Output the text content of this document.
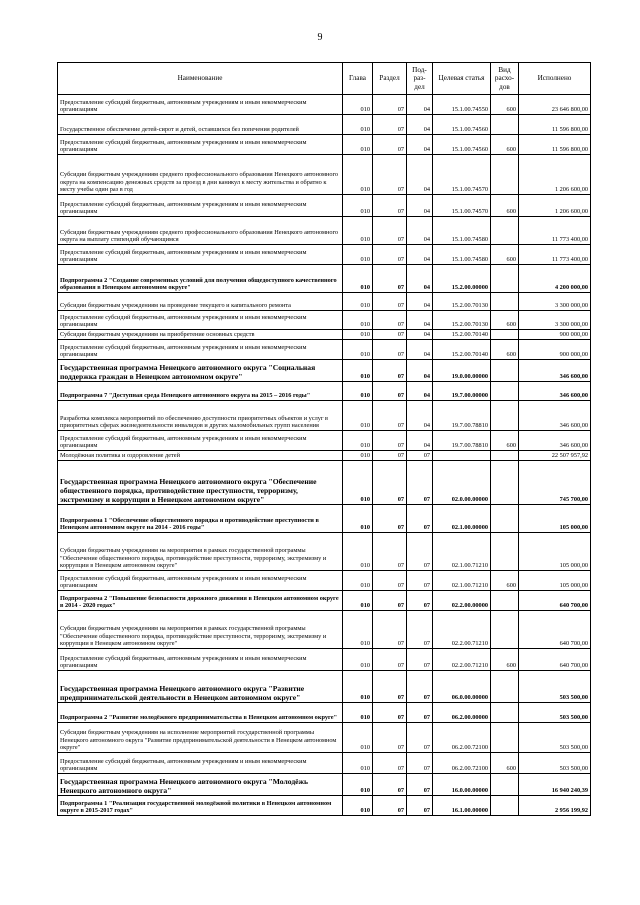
9
Наименование	Глава	Раздел	Под-раз-дел	Целевая статья	Вид расхо-дов	Исполнено
Предоставление субсидий бюджетным, автономным учреждениям и иным некоммерческим организациям	010	07	04	15.1.00.74550	600	23 646 800,00
Государственное обеспечение детей-сирот и детей, оставшихся без попечения родителей	010	07	04	15.1.00.74560		11 596 800,00
Предоставление субсидий бюджетным, автономным учреждениям и иным некоммерческим организациям	010	07	04	15.1.00.74560	600	11 596 800,00
Субсидии бюджетным учреждениям среднего профессионального образования Ненецкого автономного округа на компенсацию денежных средств за проезд в дни каникул к месту жительства и обратно к месту учебы один раз в год	010	07	04	15.1.00.74570		1 206 600,00
Предоставление субсидий бюджетным, автономным учреждениям и иным некоммерческим организациям	010	07	04	15.1.00.74570	600	1 206 600,00
Субсидии бюджетным учреждениям среднего профессионального образования Ненецкого автономного округа на выплату стипендий обучающимся	010	07	04	15.1.00.74580		11 773 400,00
Предоставление субсидий бюджетным, автономным учреждениям и иным некоммерческим организациям	010	07	04	15.1.00.74580	600	11 773 400,00
Подпрограмма 2 "Создание современных условий для получения общедоступного качественного образования в Ненецком автономном округе"	010	07	04	15.2.00.00000		4 200 000,00
Субсидии бюджетным учреждениям на проведение текущего и капитального ремонта	010	07	04	15.2.00.70130		3 300 000,00
Предоставление субсидий бюджетным, автономным учреждениям и иным некоммерческим организациям	010	07	04	15.2.00.70130	600	3 300 000,00
Субсидии бюджетным учреждениям на приобретение основных средств	010	07	04	15.2.00.70140		900 000,00
Предоставление субсидий бюджетным, автономным учреждениям и иным некоммерческим организациям	010	07	04	15.2.00.70140	600	900 000,00
Государственная программа Ненецкого автономного округа "Социальная поддержка граждан в Ненецком автономном округе"	010	07	04	19.0.00.00000		346 600,00
Подпрограмма 7 "Доступная среда Ненецкого автономного округа на 2015 – 2016 годы"	010	07	04	19.7.00.00000		346 600,00
Разработка комплекса мероприятий по обеспечению доступности приоритетных объектов и услуг в приоритетных сферах жизнедеятельности инвалидов и других маломобильных групп населения	010	07	04	19.7.00.78810		346 600,00
Предоставление субсидий бюджетным, автономным учреждениям и иным некоммерческим организациям	010	07	04	19.7.00.78810	600	346 600,00
Молодёжная политика и оздоровление детей	010	07	07			22 507 957,92
Государственная программа Ненецкого автономного округа "Обеспечение общественного порядка, противодействие преступности, терроризму, экстремизму и коррупции в Ненецком автономном округе"	010	07	07	02.0.00.00000		745 700,00
Подпрограмма 1 "Обеспечение общественного порядка и противодействие преступности в Ненецком автономном округе на 2014 - 2016 годы"	010	07	07	02.1.00.00000		105 000,00
Субсидии бюджетным учреждениям на мероприятия в рамках государственной программы "Обеспечение общественного порядка, противодействие преступности, терроризму, экстремизму и коррупции в Ненецком автономном округе"	010	07	07	02.1.00.71210		105 000,00
Предоставление субсидий бюджетным, автономным учреждениям и иным некоммерческим организациям	010	07	07	02.1.00.71210	600	105 000,00
Подпрограмма 2 "Повышение безопасности дорожного движения в Ненецком автономном округе в 2014 - 2020 годах"	010	07	07	02.2.00.00000		640 700,00
Субсидии бюджетным учреждениям на мероприятия в рамках государственной программы "Обеспечение общественного порядка, противодействие преступности, терроризму, экстремизму и коррупции в Ненецком автономном округе"	010	07	07	02.2.00.71210		640 700,00
Предоставление субсидий бюджетным, автономным учреждениям и иным некоммерческим организациям	010	07	07	02.2.00.71210	600	640 700,00
Государственная программа Ненецкого автономного округа "Развитие предпринимательской деятельности в Ненецком автономном округе"	010	07	07	06.0.00.00000		503 500,00
Подпрограмма 2 "Развитие молодёжного предпринимательства в Ненецком автономном округе"	010	07	07	06.2.00.00000		503 500,00
Субсидии бюджетным учреждениям на исполнение мероприятий государственной программы Ненецкого автономного округа "Развитие предпринимательской деятельности в Ненецком автономном округе"	010	07	07	06.2.00.72100		503 500,00
Предоставление субсидий бюджетным, автономным учреждениям и иным некоммерческим организациям	010	07	07	06.2.00.72100	600	503 500,00
Государственная программа Ненецкого автономного округа "Молодёжь Ненецкого автономного округа"	010	07	07	16.0.00.00000		16 940 240,39
Подпрограмма 1 "Реализация государственной молодёжной политики в Ненецком автономном округе в 2015-2017 годах"	010	07	07	16.1.00.00000		2 956 199,92
